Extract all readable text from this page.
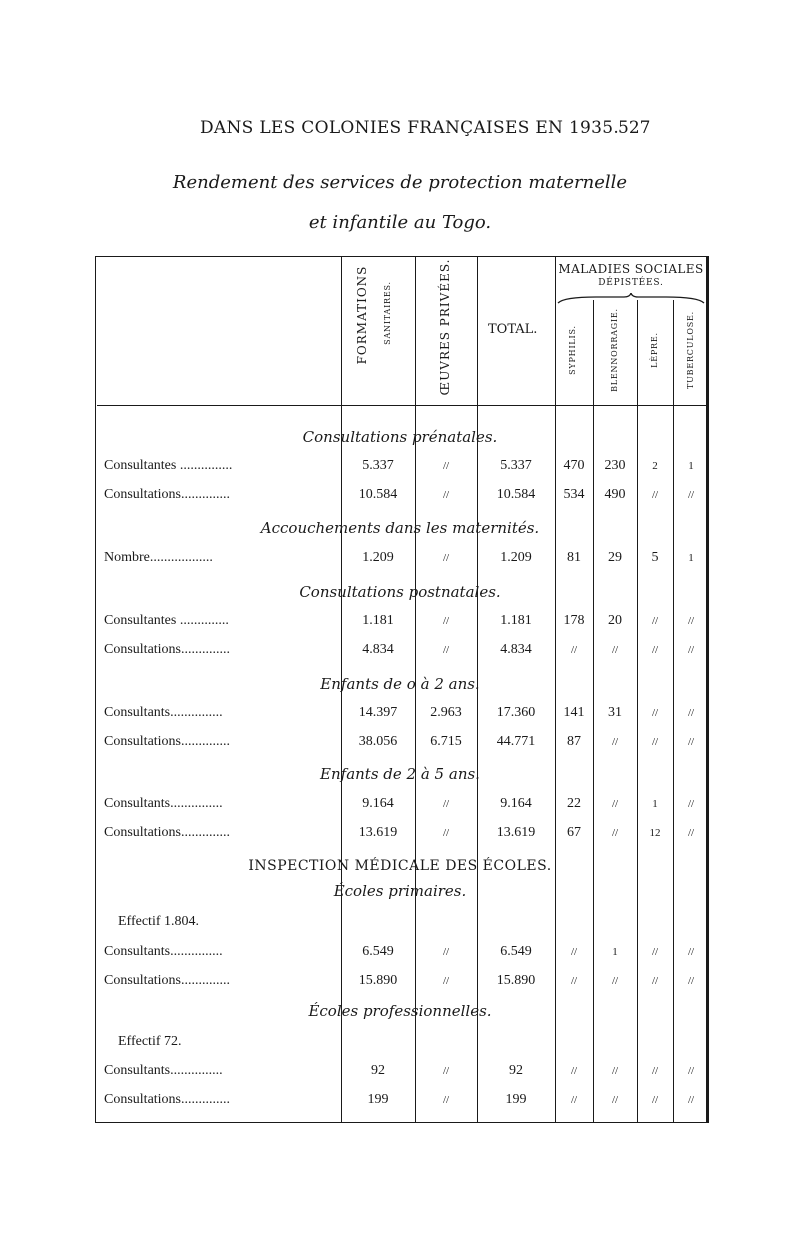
DANS LES COLONIES FRANÇAISES EN 1935.
527
Rendement des services de protection maternelle
et infantile au Togo.
FORMATIONS SANITAIRES.	ŒUVRES PRIVÉES.	TOTAL.
MALADIES SOCIALES
DÉPISTÉES.
SYPHILIS.	BLENNORRAGIE.	LÈPRE.	TUBERCULOSE.
Consultations prénatales.
Accouchements dans les maternités.
Consultations postnatales.
Enfants de o à 2 ans.
Enfants de 2 à 5 ans.
INSPECTION MÉDICALE DES ÉCOLES.
Écoles primaires.
Écoles professionnelles.
Consultantes ...............	5.337	//	5.337	470	230	2	1
Consultations..............	10.584	//	10.584	534	490	//	//
Nombre..................	1.209	//	1.209	81	29	5	1
Consultantes ..............	1.181	//	1.181	178	20	//	//
Consultations..............	4.834	//	4.834	//	//	//	//
Consultants...............	14.397	2.963	17.360	141	31	//	//
Consultations..............	38.056	6.715	44.771	87	//	//	//
Consultants...............	9.164	//	9.164	22	//	1	//
Consultations..............	13.619	//	13.619	67	//	12	//
Effectif 1.804.
Consultants...............	6.549	//	6.549	//	1	//	//
Consultations..............	15.890	//	15.890	//	//	//	//
Effectif 72.
Consultants...............	92	//	92	//	//	//	//
Consultations..............	199	//	199	//	//	//	//
